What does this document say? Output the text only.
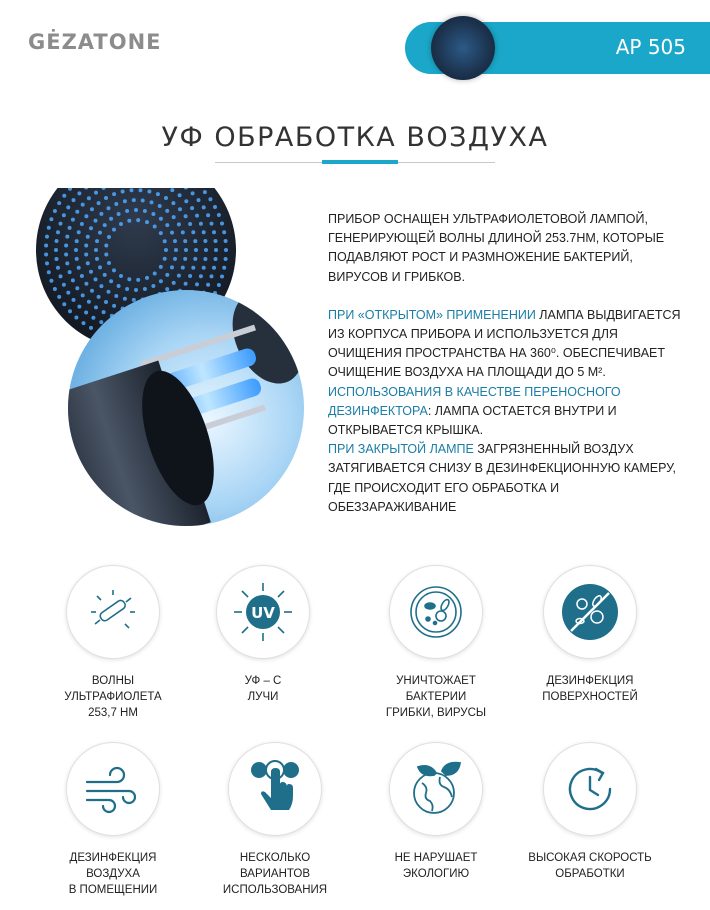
GĖZATONE	AP 505
УФ ОБРАБОТКА ВОЗДУХА

ПРИБОР ОСНАЩЕН УЛЬТРАФИОЛЕТОВОЙ ЛАМПОЙ, ГЕНЕРИРУЮЩЕЙ ВОЛНЫ ДЛИНОЙ 253.7НМ, КОТОРЫЕ ПОДАВЛЯЮТ РОСТ И РАЗМНОЖЕНИЕ БАКТЕРИЙ, ВИРУСОВ И ГРИБКОВ.

ПРИ «ОТКРЫТОМ» ПРИМЕНЕНИИ ЛАМПА ВЫДВИГАЕТСЯ ИЗ КОРПУСА ПРИБОРА И ИСПОЛЬЗУЕТСЯ ДЛЯ ОЧИЩЕНИЯ ПРОСТРАНСТВА НА 360⁰. ОБЕСПЕЧИВАЕТ ОЧИЩЕНИЕ ВОЗДУХА НА ПЛОЩАДИ ДО 5 М².
ИСПОЛЬЗОВАНИЯ В КАЧЕСТВЕ ПЕРЕНОСНОГО ДЕЗИНФЕКТОРА: ЛАМПА ОСТАЕТСЯ ВНУТРИ И ОТКРЫВАЕТСЯ КРЫШКА.
ПРИ ЗАКРЫТОЙ ЛАМПЕ ЗАГРЯЗНЕННЫЙ ВОЗДУХ ЗАТЯГИВАЕТСЯ СНИЗУ В ДЕЗИНФЕКЦИОННУЮ КАМЕРУ, ГДЕ ПРОИСХОДИТ ЕГО ОБРАБОТКА И ОБЕЗЗАРАЖИВАНИЕ
ВОЛНЫ
УЛЬТРАФИОЛЕТА
253,7 НМ
UV
УФ – С
ЛУЧИ
УНИЧТОЖАЕТ
БАКТЕРИИ
ГРИБКИ, ВИРУСЫ
ДЕЗИНФЕКЦИЯ
ПОВЕРХНОСТЕЙ
ДЕЗИНФЕКЦИЯ
ВОЗДУХА
В ПОМЕЩЕНИИ
НЕСКОЛЬКО
ВАРИАНТОВ
ИСПОЛЬЗОВАНИЯ
НЕ НАРУШАЕТ
ЭКОЛОГИЮ
ВЫСОКАЯ СКОРОСТЬ
ОБРАБОТКИ
